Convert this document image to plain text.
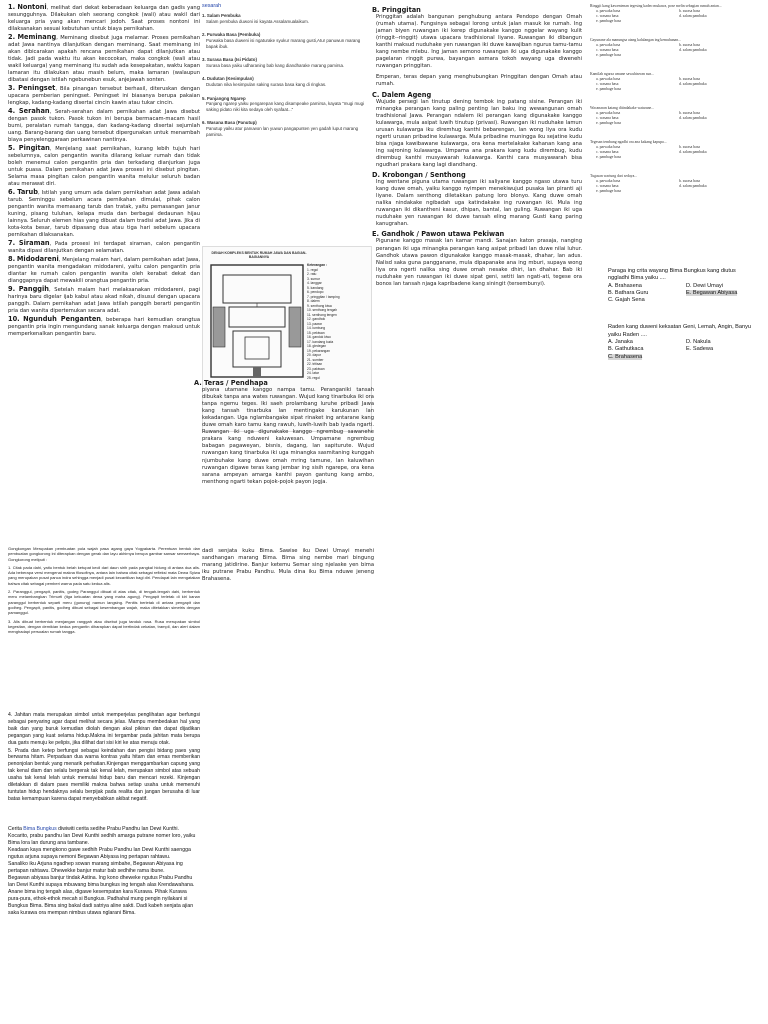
1. Nontoni, melihat dari dekat keberadaan keluarga dan gadis yang sesungguhnya. Dilakukan oleh seorang congkok (wali) atau wakil dari keluarga pria yang akan mencari jodoh. Saat proses nontoni ini dilaksanakan sesuai kebutuhan untuk biaya pernikahan.

2. Meminang, Meminang disebut juga melamar. Proses pernikahan adat Jawa nantinya dilanjutkan dengan meminang. Saat meminang ini akan dibicarakan apakah rencana pernikahan dapat dilanjutkan atau tidak. Jadi pada waktu itu akan kecocokan, maka congkok (wali atau wakil keluarga) yang meminang itu sudah ada kesepakatan, waktu kapan lamaran itu dilakukan atau masih belum, maka lamaran (walaupun dibatasi dengan istilah ngebunebun esuk, anjejawah sonten.

3. Peningset, Bila pinangan tersebut berhasil, diteruskan dengan upacara pemberian peningset. Peningset ini biasanya berupa pakaian lengkap, kadang-kadang disertai cincin kawin atau tukar cincin.

4. Serahan, Serah-serahan dalam pernikahan adat Jawa disebut dengan pasok tukon. Pasok tukon ini berupa bermacam-macam hasil bumi, peralatan rumah tangga, dan kadang-kadang disertai sejumlah uang. Barang-barang dan uang tersebut dipergunakan untuk menambah biaya penyelenggaraan perkawinan nantinya.

5. Pingitan, Menjelang saat pernikahan, kurang lebih tujuh hari sebelumnya, calon pengantin wanita dilarang keluar rumah dan tidak boleh menemui calon pengantin pria dan terkadang dianjurkan juga untuk puasa. Dalam pernikahan adat Jawa prosesi ini disebut pingitan. Selama masa pingitan calon pengantin wanita melulur seluruh badan atau merawat diri.

6. Tarub, Istilah yang umum ada dalam pernikahan adat Jawa adalah tarub. Seminggu sebelum acara pernikahan dimulai, pihak calon pengantin wanita memasang tarub dan tratak, yaitu pemasangan janur kuning, pisang tuluhan, kelapa muda dan berbagai dedaunan hijau lainnya. Seluruh elemen hias yang dibuat dalam tradisi adat Jawa. Jika di kota-kota besar, tarub dipasang dua atau tiga hari sebelum upacara pernikahan dilaksanakan.

7. Siraman, Pada prosesi ini terdapat siraman, calon pengantin wanita dipasi dilanjutkan dengan selamatan.

8. Midodareni, Menjelang malam hari, dalam pernikahan adat Jawa, pengantin wanita mengadakan midodareni, yaitu calon pengantin pria diantar ke rumah calon pengantin wanita oleh kerabat dekat dan dianggapnya dapat mewakili orangtua pengantin pria.

9. Panggih, Setelah malam hari melaksanakan midodareni, pagi harinya baru digelar ijab kabul atau akad nikah, disusul dengan upacara panggih. Dalam pernikahan adat Jawa istilah panggih berarti pengantin pria dan wanita dipertemukan secara adat.

10. Ngunduh Penganten, beberapa hari kemudian orangtua pengantin pria ingin mengundang sanak keluarga dengan maksud untuk memperkenalkan pengantin baru.

sesarah
1. Salam Pembuka
Salam pembuka duwoni isi kayata Assalamualaikum.
2. Purwaka Basa (Pembuka)
Purwaka basa duweni isi ngaturake syukur marang gusti,Atur panuwun marang bapak ibuk.
3. Surasa Basa (Isi Pidato)
Surasa basa yaiku udharaning bab kang diandharake marang pamirsa.
4. Dudutan (Kesimpulan)
Dudutan nika kesimpulan saking surasa basa kang di ringkas.
5. Panjangng Ngarep
Panjang ngarep yaiku pengarepan kang disampeake pamirsa, kayata "mugi mugi saking pidato niki kita sedaya oleh syafaat..."
6. Wasana Basa (Panutup)
Panutup yaiku atur panuwon lan yuwun pangapunten yen gadah luput marang pamirsa.
DENAH KOMPLEKS BENTUK RUMAH JAWA DAN BAGIAN-BAGIANNYA
Keterangan :
1. regol
2. ratu
3. sumur
4. langgar
5. kandang
6. pendopo
7. pringgitan / tamping
8. dalem
9. senthong kiwa
10. senthong tengah
11. senthong tengen
12. gandhok
13. pawon
14. lumbung
15. pekiwan
16. gandok kiwo
17. kandang kuda
18. gledegan
19. pekarangan
20. dapur
21. sumber
22. tritisan
23. pakiwan
24. latar
25. regol
A. Teras / Pendhapa
piyana utamane kanggo nampa tamu. Peranganiki tansah dibukak tanpa ana wates ruwangan. Wujud kang tinarbuka iki ora tanpa ngemu teges. Iki saeh prolambang luruhe pribadi Jawa kang tansah tinarbuka lan mentingake karukunan lan kekadangan. Uga nglambangake sipat rinaket ing antarane kang duwe omah karo tamu kang rawuh, luwih-luwih bab iyada ngarti. Ruwangan iki uga digunakake kanggo ngrembug sawanehe prakara kang nduweni kaluwesan. Umpamane ngrembug babagan pagaweyan, bisnis, dagang, lan sapiturute. Wujud ruwangan kang tinarbuka iki uga minangka sasmitaning kunggah njumbuhake kang duwe omah mring tamune, lan kaluwihan ruwangan digawe teras kang jembar ing sisih ngarepe, ora kena sarana ampeyan amarga kanthi payon gantung kang ambo, menthong ngarti tekan pojok-pojok payon jogja.
B. Pringgitan

Pringgitan adalah bangunan penghubung antara Pendopo dengan Omah (rumah utama). Fungsinya sebagai lorong untuk jalan masuk ke rumah. Ing jaman biyen ruwangan iki kerep digunakake kanggo nggelar wayang kulit (ringgit--ringgit) utawa upacara tradhisional liyane. Ruwangan iki dibangun kanthi maksud nuduhake yen ruwangan iki duwe kawajiban ngurus tamu-tamu kang nembe mlebu. Ing jaman semono ruwangan iki uga digunakake kanggo pagelaran ringgit purwa, bayangan asmara tokoh wayang uga diwenehi ruwangan pringgitan.

Emperan, teras depan yang menghubungkan Pringgitan dengan Omah atau rumah.

C. Dalem Ageng

Wujude persegi lan tinutup dening tembok ing patang sisine. Perangan iki minangka perangan kang paling penting lan baku ing wewangunan omah tradhisional Jawa. Perangan ndalem iki perangan kang digunakake kanggo kulawarga, mula asipat luwih tinutup (privasi). Ruwangan iki nuduhake lamun urusan kulawarga iku diremhug kanthi bebarengan, lan wong liya ora kudu ngerti urusan pribadine kulawarga. Mula pribadine muningga iku sejatine kudu bisa njaga kawibawane kulawarga, ora kena mertelakake kahanan kang ana ing sajroning kulawarga. Umpama ana prakara kang kudu dirembug, kudu dirembug kanthi musyawarah kulawarga. Kanthi cara musyawarah bisa ngudhari prakara kang lagi diandhang.

D. Krobongan / Senthong

Ing wentane piguna utama ruwangan iki saliyane kanggo ngaso utawa turu kang duwe omah, yaiku kanggo nyimpen menekiwujud pusaka lan piranti aji liyane. Dalam senthong diletakkan patung loro blonyo. Kang duwe omah nalika nindakake ngibadah uga katindakake ing ruwangan iki. Mula ing ruwangan iki dikantheni kasur, dhipan, bantal, lan guling. Ruwangan iki uga nuduhake yen ruwangan iki duwe tansah eling marang Gusti kang paring kanugrahan.

E. Gandhok / Pawon utawa Pekiwan

Pigunane kanggo masak lan kamar mandi. Sanajan katon prasaja, nanging perangan iki uga minangka perangan kang asipat pribadi lan duwe nilai luhur. Gandhok utawa pawon digunakake kanggo masak-masak, dhahar, lan adus. Nalisd saka guna pangganane, mula dipapanake ana ing mburi, supaya wong liya ora ngerti nalika sing duwe omah nesake dhiri, lan dhahar. Bab iki nuduhake yen ruwangan iki duwe sipat geni, setiti lan ngati-ati, tegese ora bonos lan tansah njaga kapribadene kang siningit (tersembunyi).

Ringgit kang kawentenan tegesing kadeo mukawa, pose melin sebagian rumah antan...
a. parwaka basa	b. surasa basa
c. wasana basa	d. salam pambuka
e. pambage basa
Gayunane ala manungsa atang kalalangan ing kemuhunan...
a. parwaka basa	b. surasa basa
c. wasana basa	d. salam pambuka
e. pambage basa
Kamilah ngarsa umune sawuhiseran sun...
a. parwaka basa	b. surasa basa
c. wasana basa	d. salam pambuka
e. pambage basa
Wacanaran katang ditindakake watarane...
a. parwaka basa	b. surasa basa
c. wasana basa	d. salam pambuka
e. pambage basa
Tegesan tembung ngadhi ora ana kakang kapupa...
a. parwaka basa	b. surasa basa
c. wasana basa	d. salam pambuka
e. pambage basa
Tugasan wariung dari sedaya...
a. parwaka basa	b. surasa basa
c. wasana basa	d. salam pambuka
e. pambage basa
Paraga ing crita wayang Bima Bungkus kang diutus nggladhi Bima yaiku ....
A. Brahasena	D. Dewi Umayi
B. Bathara Guru	E. Begawan Abiyasa
C. Gajah Sena
Raden kang duweni keksatan Geni, Lemah, Angin, Banyu yaiku Raden ....
A. Janaka	D. Nakula
B. Gathutkaca	E. Sadewa
C. Brahasena

Gongkongan Merupakan pembuatan pola wajah pasa agang gaya Yogyakarta. Perentuan bentuk dan pembuatan gongkorong ini diterapkan dengan gerak dan layu akhirnya berupa gambar sansar semaerbaya. Gongkorong meliputi :

1. Citak pada dahi, yaitu bentuk belah ketupat kecil dari daun sirih pada pangkal hidung di antara dua alis. Ada beberapa versi mengenai makna filosofinya, antara lain bahwa citak sebagai refleksi mata Dewa Syiwa yang merupakan pusat panca indra sehingga menjadi pusat kecantikan bagi diri. Pendapat lain mengatakan bahwa citak sebagai pemberi warna pada satu kedua alis.

2. Paranggul, pengapit, panitis, godeg Paranggul dibuat di atas citak, di tengah-tengah dahi, berbentuk meru melambangkan Trimurti (tiga kekuatan dewa yang maha agung). Pengapit terletak di kiri kanan paranggul berbentuk separti meru (gunung) namun langsing. Penitis berletak di antara pengapit dan godheg. Pengapit, panitis, godheg dibuat sebagai kesembangan wajah, maka ditetakkan simetris dengan pamanggul.

3. Alis dibuat berbentuk menjangan ranggah atau disebut juga tanduk rusa. Rusa merupakan simbol kegesitan, dengan demikian kedua pengantin diharapkan dapat bertindak cekatan, trampil, dan alert dalam menghadapi persoalan rumah tangga.

dadi senjata kuku Bima. Sawise iku Dewi Umayi menehi sandhangan marang Bima. Bima sing nembe mari bingung marang jatidirine. Banjur ketemu Semar sing njelaske yen bima iku putrane Prabu Pandhu. Mula dina iku Bima nduwe jeneng Brahasena.

4. Jahitan mata merupakan simbol untuk memperjelas penglihatan agar berfungsi sebagai penyaring agar dapat melihat secara jelas. Mampu membedakan hal yang baik dan yang buruk kemudian diolah dengan akal pikiran dan dapat dijadikan pegangan yang kuat selama hidup.Makna ini tergambar pada jahitan mata berupa dua garis menuju ke pelipis, jika dilihat dari sisi kiri ke atas menuju otak.

5. Prada dan ketep berfungsi sebagai keindahan dan pengisi bidang paes yang berwarna hitam. Perpaduan dua warna kontras yaitu hitam dan emas memberikan penonjolan bentuk yang menarik perhatian.Kinjengan menggambarkan capung yang tak kenal diam dan selalu bergerak tak kenal lelah, merupakan simbol atas sebuah usaha tak kenal lelah untuk memulai hidup baru dan mencari rezeki. Kinjengan diletakkan di dalam paes memiliki makna bahwa setiap usaha untuk memenuhi tuntutan hidup hendaknya selalu berpijak pada realita dan jangan berusaha di luar batas kemampuan karena dapat menyebabkan akibat negatif.

Cerita Bima Bungkus diwiwiti cerita sedihe Prabu Pandhu lan Dewi Kunthi. Kocarito, prabu pandhu lan Dewi Kunthi sedhih amarga putrane nomer loro, yaiku Bima lora lan durung ana tambane.

Keadaan kaya mengkono gawe sedhih Prabu Pandhu lan Dewi Kunthi saengga ngutus arjuna supaya nemoni Begawan Abiyasa ing pertapan rahtawu.

Sanaliko iku Arjuna ngadhep sowan marang simbahe, Begawan Abiyasa ing pertapan rahtawu. Dhewekke banjur matur bab sedhihe rama ibune.

Begawan abiyasa banjur tindak Astina. Ing kono dheweke ngutus Prabu Pandhu lan Dewi Kunthi supaya mbuwang bima bungkus ing tengah alas Krendawahana.

Anane bima ing tengah alas, digawe kesempatan kara Kurawa. Pihak Kurawa pura-pura, ethok-ethok mecah si Bungkus. Padhahal mung pengin nyilakani si Bungkus Bima. Bima sing bakal dadi satriya aline sakti. Dadi kabeh senjata ajian saka kurawa ora mempan nimbus utawa nglarani Bima.
